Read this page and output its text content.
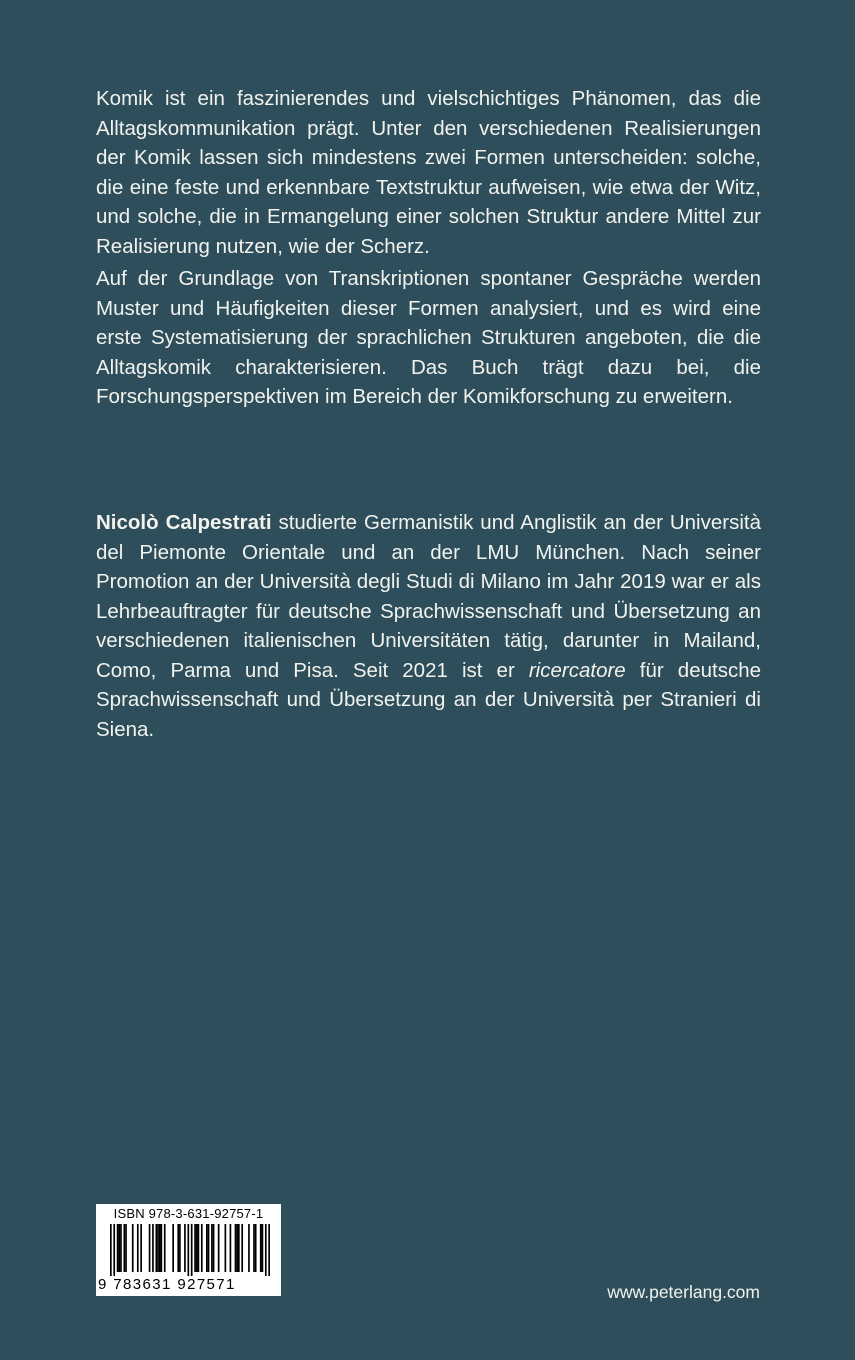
Komik ist ein faszinierendes und vielschichtiges Phänomen, das die Alltagskommunikation prägt. Unter den verschiedenen Realisierungen der Komik lassen sich mindestens zwei Formen unterscheiden: solche, die eine feste und erkennbare Textstruktur aufweisen, wie etwa der Witz, und solche, die in Ermangelung einer solchen Struktur andere Mittel zur Realisierung nutzen, wie der Scherz.

Auf der Grundlage von Transkriptionen spontaner Gespräche werden Muster und Häufigkeiten dieser Formen analysiert, und es wird eine erste Systematisierung der sprachlichen Strukturen angeboten, die die Alltagskomik charakterisieren. Das Buch trägt dazu bei, die Forschungsperspektiven im Bereich der Komikforschung zu erweitern.

Nicolò Calpestrati studierte Germanistik und Anglistik an der Università del Piemonte Orientale und an der LMU München. Nach seiner Promotion an der Università degli Studi di Milano im Jahr 2019 war er als Lehrbeauftragter für deutsche Sprachwissenschaft und Übersetzung an verschiedenen italienischen Universitäten tätig, darunter in Mailand, Como, Parma und Pisa. Seit 2021 ist er ricercatore für deutsche Sprachwissenschaft und Übersetzung an der Università per Stranieri di Siena.

ISBN 978-3-631-92757-1
9 783631 927571	www.peterlang.com
